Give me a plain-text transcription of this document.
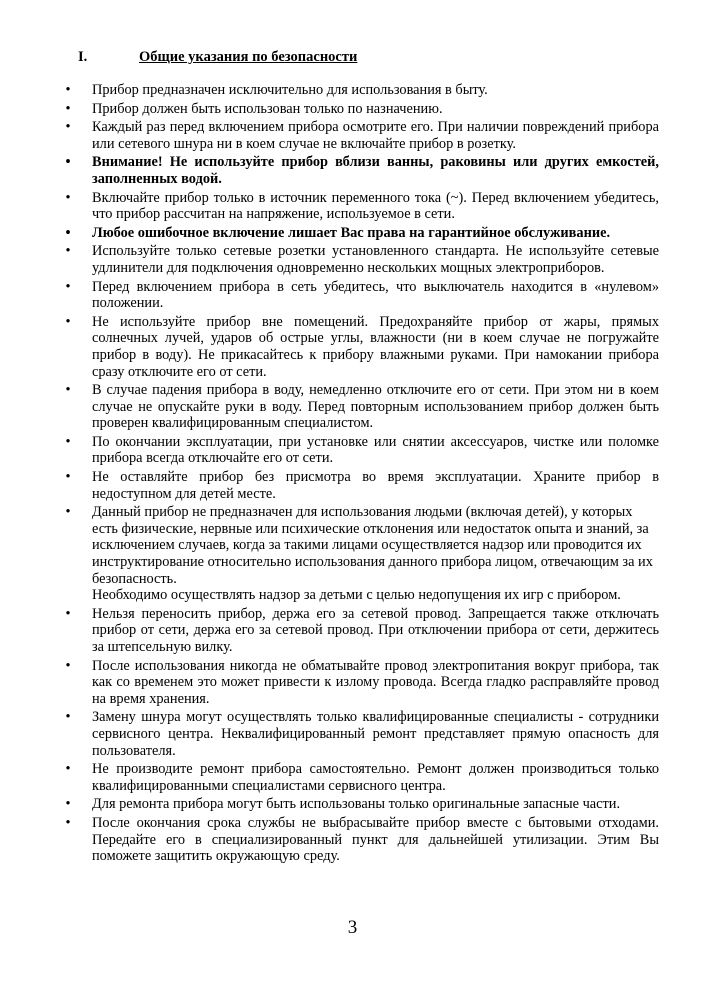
I.	Общие указания по безопасности
• Прибор предназначен исключительно для использования в быту.
• Прибор должен быть использован только по назначению.
• Каждый раз перед включением прибора осмотрите его. При наличии повреждений прибора или сетевого шнура ни в коем случае не включайте прибор в розетку.
• Внимание! Не используйте прибор вблизи ванны, раковины или других емкостей, заполненных водой.
• Включайте прибор только в источник переменного тока (~). Перед включением убедитесь, что прибор рассчитан на напряжение, используемое в сети.
• Любое ошибочное включение лишает Вас права на гарантийное обслуживание.
• Используйте только сетевые розетки установленного стандарта. Не используйте сетевые удлинители для подключения одновременно нескольких мощных электроприборов.
• Перед включением прибора в сеть убедитесь, что выключатель находится в «нулевом» положении.
• Не используйте прибор вне помещений. Предохраняйте прибор от жары, прямых солнечных лучей, ударов об острые углы, влажности (ни в коем случае не погружайте прибор в воду). Не прикасайтесь к прибору влажными руками. При намокании прибора сразу отключите его от сети.
• В случае падения прибора в воду, немедленно отключите его от сети. При этом ни в коем случае не опускайте руки в воду. Перед повторным использованием прибор должен быть проверен квалифицированным специалистом.
• По окончании эксплуатации, при установке или снятии аксессуаров, чистке или поломке прибора всегда отключайте его от сети.
• Не оставляйте прибор без присмотра во время эксплуатации. Храните прибор в недоступном для детей месте.
• Данный прибор не предназначен для использования людьми (включая детей), у которых есть физические, нервные или психические отклонения или недостаток опыта и знаний, за исключением случаев, когда за такими лицами осуществляется надзор или проводится их инструктирование относительно использования данного прибора лицом, отвечающим за их безопасность.
Необходимо осуществлять надзор за детьми с целью недопущения их игр с прибором.
• Нельзя переносить прибор, держа его за сетевой провод. Запрещается также отключать прибор от сети, держа его за сетевой провод. При отключении прибора от сети, держитесь за штепсельную вилку.
• После использования никогда не обматывайте провод электропитания вокруг прибора, так как со временем это может привести к излому провода. Всегда гладко расправляйте провод на время хранения.
• Замену шнура могут осуществлять только квалифицированные специалисты - сотрудники сервисного центра. Неквалифицированный ремонт представляет прямую опасность для пользователя.
• Не производите ремонт прибора самостоятельно. Ремонт должен производиться только квалифицированными специалистами сервисного центра.
• Для ремонта прибора могут быть использованы только оригинальные запасные части.
• После окончания срока службы не выбрасывайте прибор вместе с бытовыми отходами. Передайте его в специализированный пункт для дальнейшей утилизации. Этим Вы поможете защитить окружающую среду.
3
